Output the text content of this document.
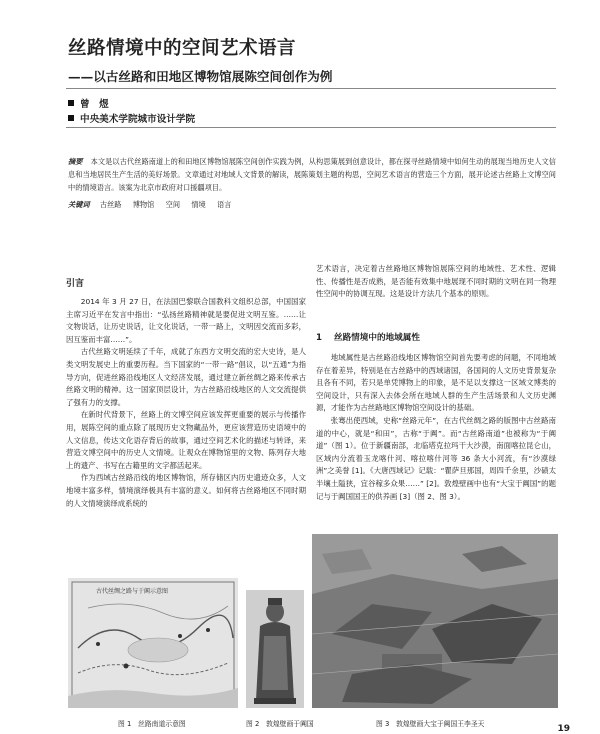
丝路情境中的空间艺术语言
——以古丝路和田地区博物馆展陈空间创作为例
曾　煜
中央美术学院城市设计学院
摘要 本文是以古代丝路南道上的和田地区博物馆展陈空间创作实践为例，从构思策展到创意设计，都在探寻丝路情境中如何生动的展现当地历史人文信息和当地居民生产生活的美好场景。文章通过对地域人文背景的解读，展陈策划主题的构思，空间艺术语言的营造三个方面，展开论述古丝路上文博空间中的情境语言。该案为北京市政府对口援疆项目。
关键词 古丝路 博物馆 空间 情境 语言
引言

2014 年 3 月 27 日，在法国巴黎联合国教科文组织总部，中国国家主席习近平在发言中指出：“弘扬丝路精神就是要促进文明互鉴。……让文物说话，让历史说话，让文化说话，一带一路上，文明因交流而多彩，因互鉴而丰富……”。

古代丝路文明延续了千年，成就了东西方文明交流的宏大史诗，是人类文明发展史上的重要历程。当下国家的“一带一路”倡议，以“五通”为指导方向，促进丝路沿线地区人文经济发展，通过建立新丝绸之路来传承古丝路文明的精神。这一国家顶层设计，为古丝路沿线地区的人文交流提供了强有力的支撑。

在新时代背景下，丝路上的文博空间应该发挥更重要的展示与传播作用，展陈空间的重点除了展现历史文物藏品外，更应该营造历史语境中的人文信息，传达文化语存背后的故事，通过空间艺术化的描述与转译，来营造文博空间中的历史人文情境。让观众在博物馆里的文物、陈列存大地上的遗产、书写在古籍里的文字都活起来。

作为西域古丝路沿线的地区博物馆，所存储区内历史遗迹众多，人文地境丰富多样，情境演绎极具有丰富的意义。如何将古丝路地区不同时期的人文情境演绎成系统的

艺术语言，决定着古丝路地区博物馆展陈空间的地域性、艺术性、逻辑性、传播性是否成熟，是否能有效集中地展现不同时期的文明在同一物理性空间中的协调互现。这是设计方法几个基本的原则。

1 丝路情境中的地域属性

地域属性是古丝路沿线地区博物馆空间首先要考虑的问题，不同地域存在着差异，特别是在古丝路中的西域诸国，各国间的人文历史背景复杂且各有不同，若只是单凭博物上的印象，是不足以支撑这一区域文博类的空间设计，只有深入去体会所在地域人群的生产生活场景和人文历史渊源，才能作为古丝路地区博物馆空间设计的基础。

张骞出使西域，史称“丝路元年”，在古代丝绸之路的版图中古丝路南道的中心，就是“和田”，古称“于阗”。而“古丝路南道”也被称为“于阗道”（图 1）。位于新疆南部，北临塔克拉玛干大沙漠，南面喀拉昆仑山，区域内分流着玉龙喀什河、喀拉喀什河等 36 条大小河流，有“沙漠绿洲”之美誉 [1]。《大唐西域记》记载：“瞿萨旦那国，周四千余里，沙碛太半壤土隘狭，宜谷稼多众果……” [2]。敦煌壁画中也有“大宝于阗国”的题记与于阗国国王的供养画 [3]（图 2、图 3）。

古代丝绸之路与于阗示意图
图 1　丝路南道示意图	图 2　敦煌壁画于阗国	图 3　敦煌壁画大宝于阗国王李圣天	19
